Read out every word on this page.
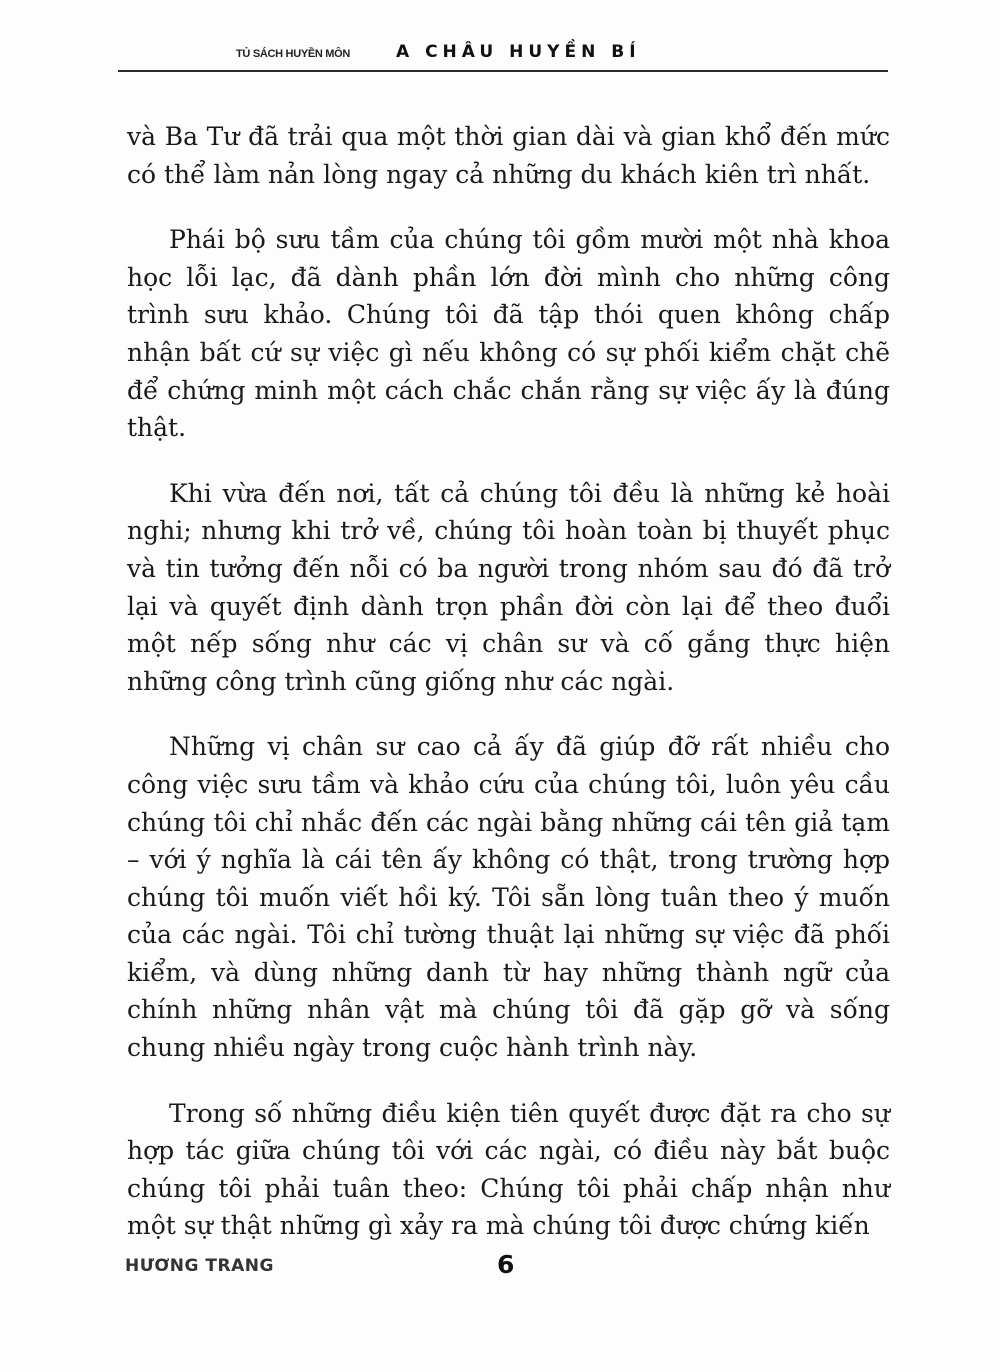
TỦ SÁCH HUYỀN MÔN	A CHÂU HUYỀN BÍ

và Ba Tư đã trải qua một thời gian dài và gian khổ đến mức có thể làm nản lòng ngay cả những du khách kiên trì nhất.

Phái bộ sưu tầm của chúng tôi gồm mười một nhà khoa học lỗi lạc, đã dành phần lớn đời mình cho những công trình sưu khảo. Chúng tôi đã tập thói quen không chấp nhận bất cứ sự việc gì nếu không có sự phối kiểm chặt chẽ để chứng minh một cách chắc chắn rằng sự việc ấy là đúng thật.

Khi vừa đến nơi, tất cả chúng tôi đều là những kẻ hoài nghi; nhưng khi trở về, chúng tôi hoàn toàn bị thuyết phục và tin tưởng đến nỗi có ba người trong nhóm sau đó đã trở lại và quyết định dành trọn phần đời còn lại để theo đuổi một nếp sống như các vị chân sư và cố gắng thực hiện những công trình cũng giống như các ngài.

Những vị chân sư cao cả ấy đã giúp đỡ rất nhiều cho công việc sưu tầm và khảo cứu của chúng tôi, luôn yêu cầu chúng tôi chỉ nhắc đến các ngài bằng những cái tên giả tạm – với ý nghĩa là cái tên ấy không có thật, trong trường hợp chúng tôi muốn viết hồi ký. Tôi sẵn lòng tuân theo ý muốn của các ngài. Tôi chỉ tường thuật lại những sự việc đã phối kiểm, và dùng những danh từ hay những thành ngữ của chính những nhân vật mà chúng tôi đã gặp gỡ và sống chung nhiều ngày trong cuộc hành trình này.

Trong số những điều kiện tiên quyết được đặt ra cho sự hợp tác giữa chúng tôi với các ngài, có điều này bắt buộc chúng tôi phải tuân theo: Chúng tôi phải chấp nhận như một sự thật những gì xảy ra mà chúng tôi được chứng kiến

HƯƠNG TRANG	6
